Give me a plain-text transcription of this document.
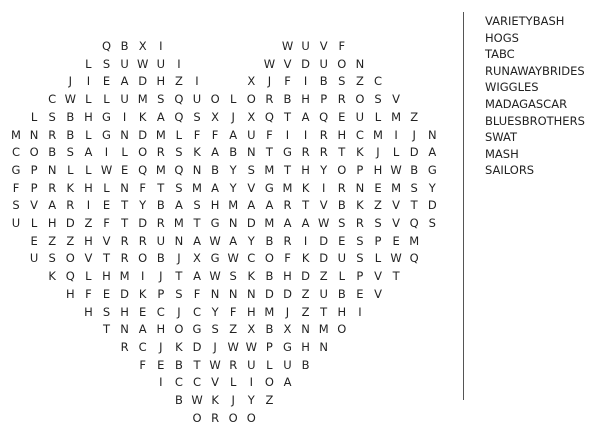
Q B X	I	W U V F
L S U W U	I	W V D U O N
J	I	E A D H Z	I	X	J	F	I	B S Z C
C W L	L U M S Q U O L O R B H P R O S V
L S B H G	I	K A Q S X	J	X Q T A Q E U L M Z
M N R B L G N D M L	F F A U F	I	I	R H C M I	J	N
C O B S A	I	L O R S K A B N T G R R T K	J	L D A
G P N L	L W E Q M Q N B Y S M T H Y O P H W B G
F P R K H L N F T S M A Y V G M K	I	R N E M S Y
S V A R	I	E T Y B A S H M A A R T V B K Z V T D
U L H D Z F T D R M T G N D M A A W S R S V Q S
E Z Z H V R R U N A W A Y B R	I	D E S P E M
U S O V T R O B	J	X G W C O F K D U S L W Q
K Q L H M I	J	T A W S K B H D Z L P V T
H F E D K P S F N N N D D Z U B E V
H S H E C	J	C Y F H M J	Z T H	I
T N A H O G S Z X B X N M O
R C	J	K D	J W W P G H N
F E B T W R U L U B
I	C C V L	I	O A
B W K	J	Y Z
O R O O
VARIETYBASH
HOGS
TABC
RUNAWAYBRIDES
WIGGLES
MADAGASCAR
BLUESBROTHERS
SWAT
MASH
SAILORS
